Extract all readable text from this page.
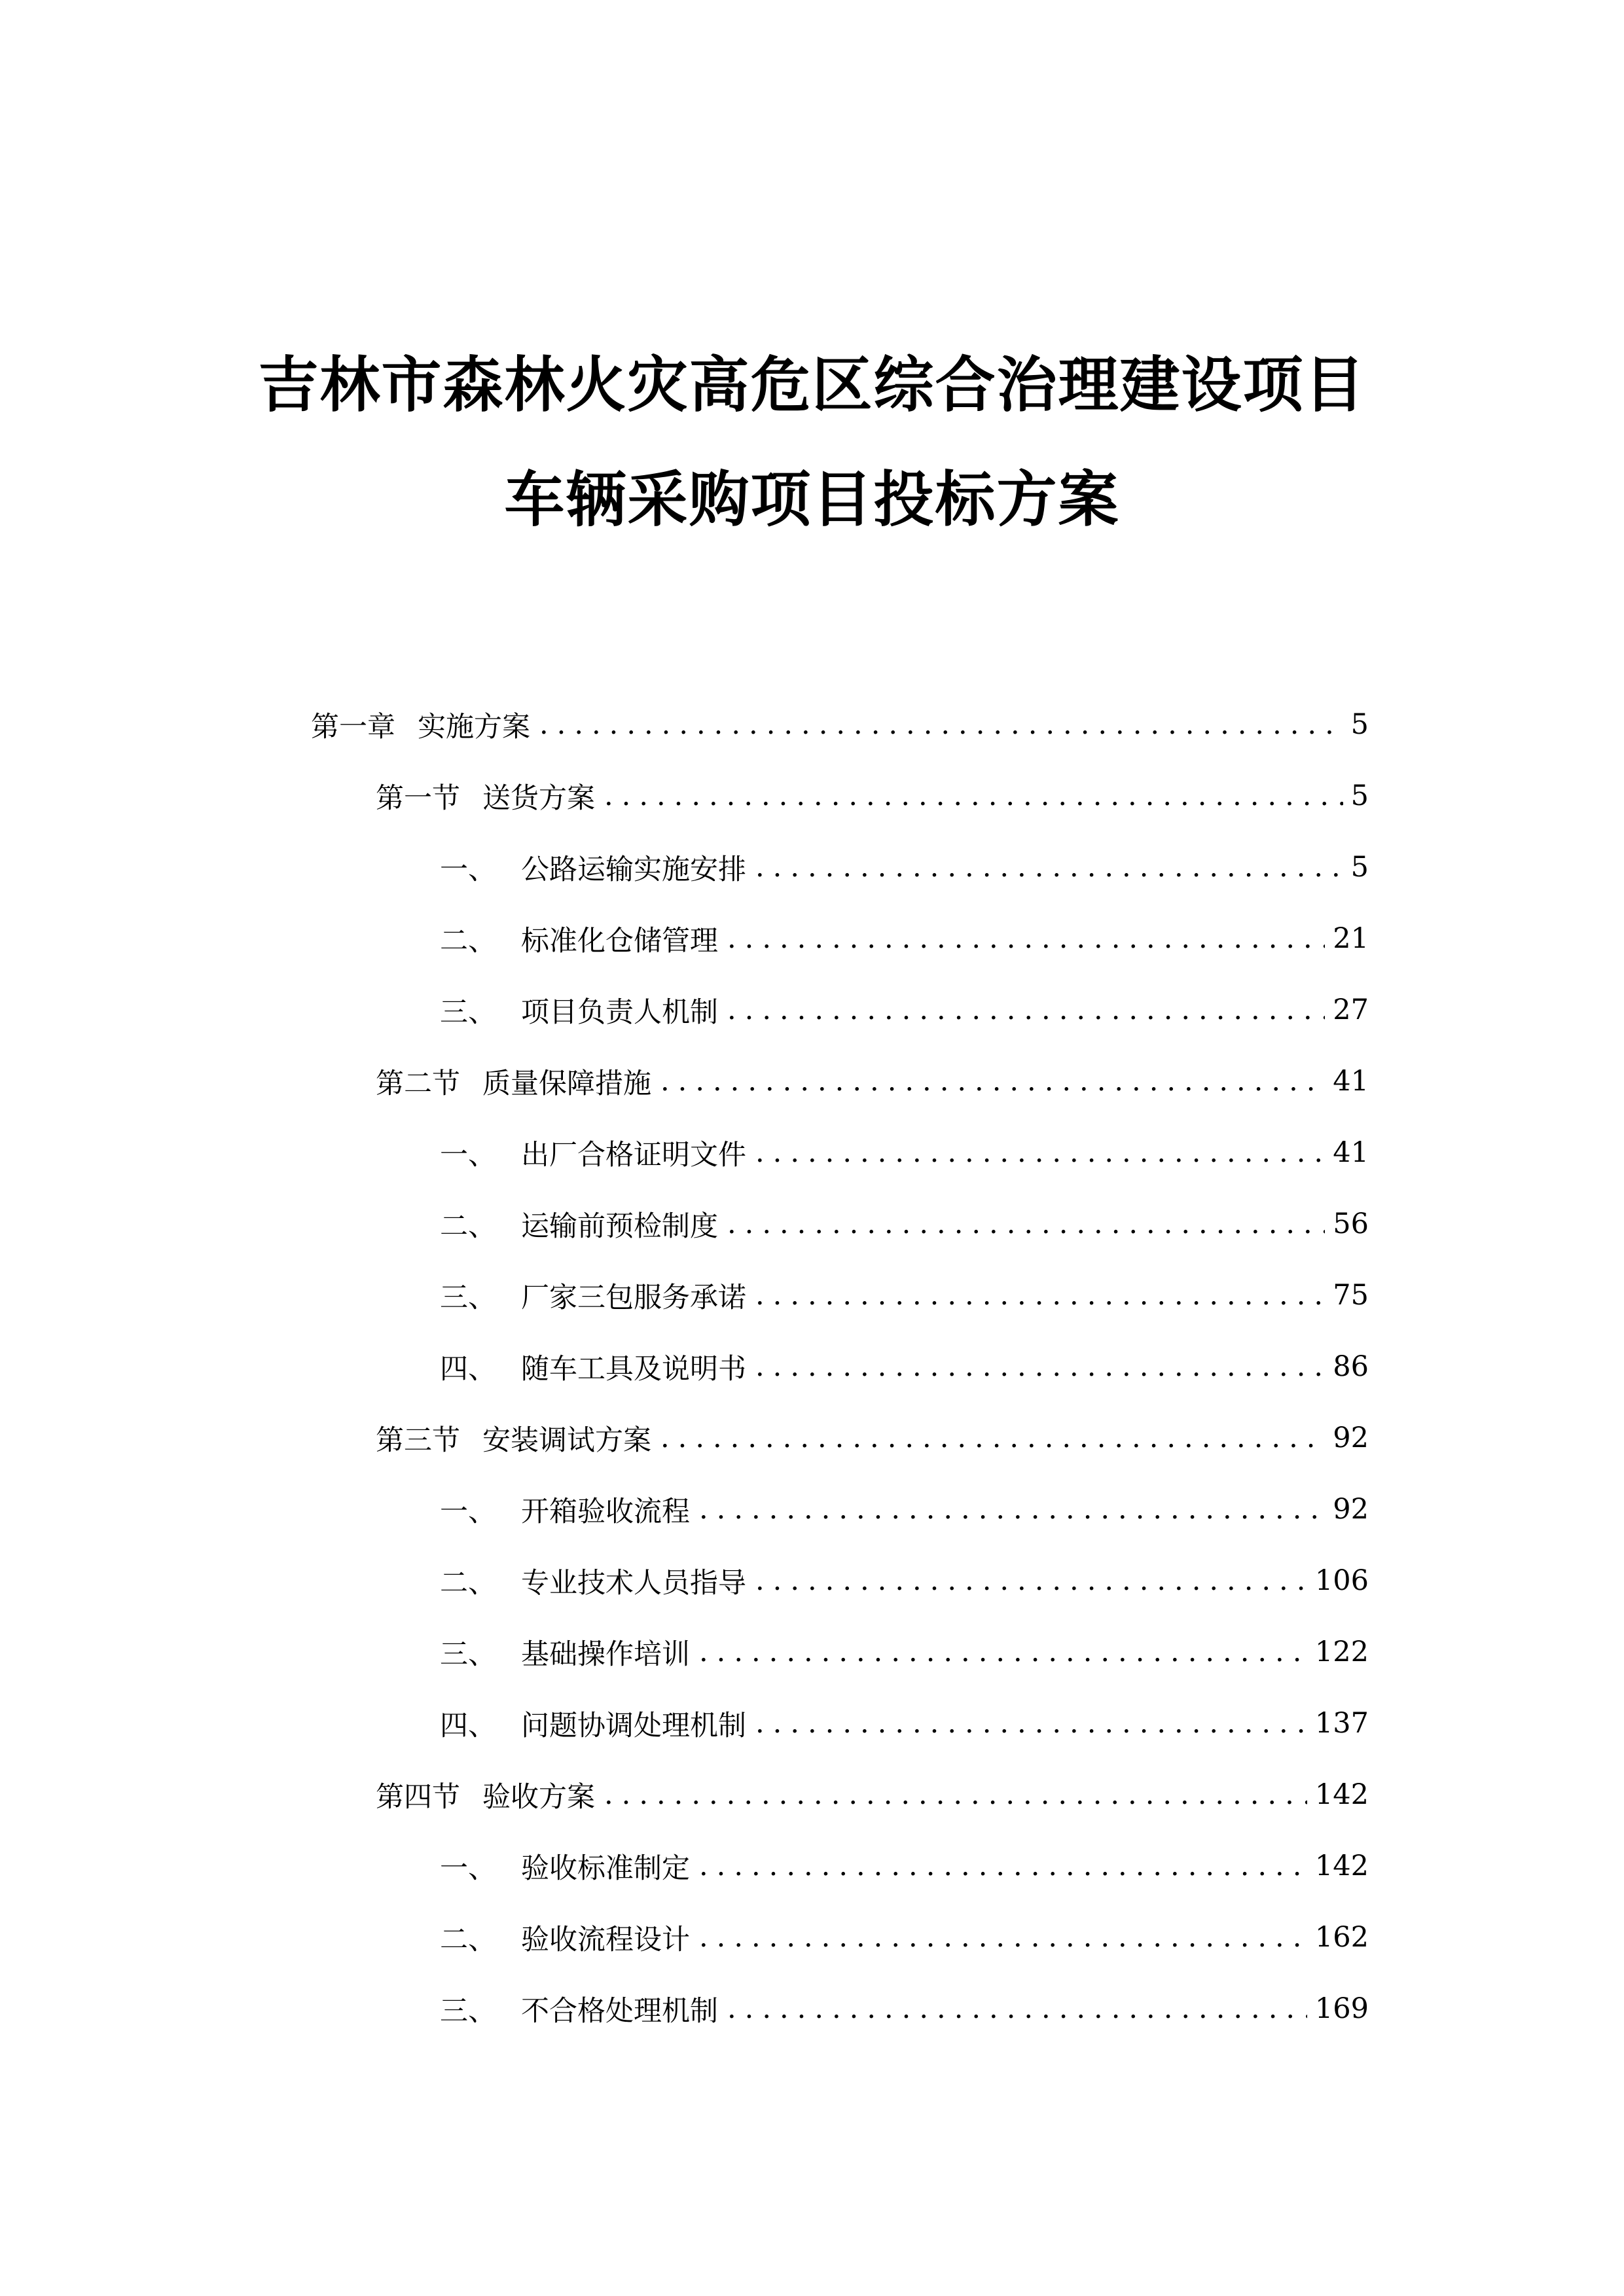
吉林市森林火灾高危区综合治理建设项目
车辆采购项目投标方案
第一章 实施方案 .....	5
第一节 送货方案 .....	5
一、 公路运输实施安排 .....	5
二、 标准化仓储管理 .....	21
三、 项目负责人机制 .....	27
第二节 质量保障措施 .....	41
一、 出厂合格证明文件 .....	41
二、 运输前预检制度 .....	56
三、 厂家三包服务承诺 .....	75
四、 随车工具及说明书 .....	86
第三节 安装调试方案 .....	92
一、 开箱验收流程 .....	92
二、 专业技术人员指导 .....	106
三、 基础操作培训 .....	122
四、 问题协调处理机制 .....	137
第四节 验收方案 .....	142
一、 验收标准制定 .....	142
二、 验收流程设计 .....	162
三、 不合格处理机制 .....	169
